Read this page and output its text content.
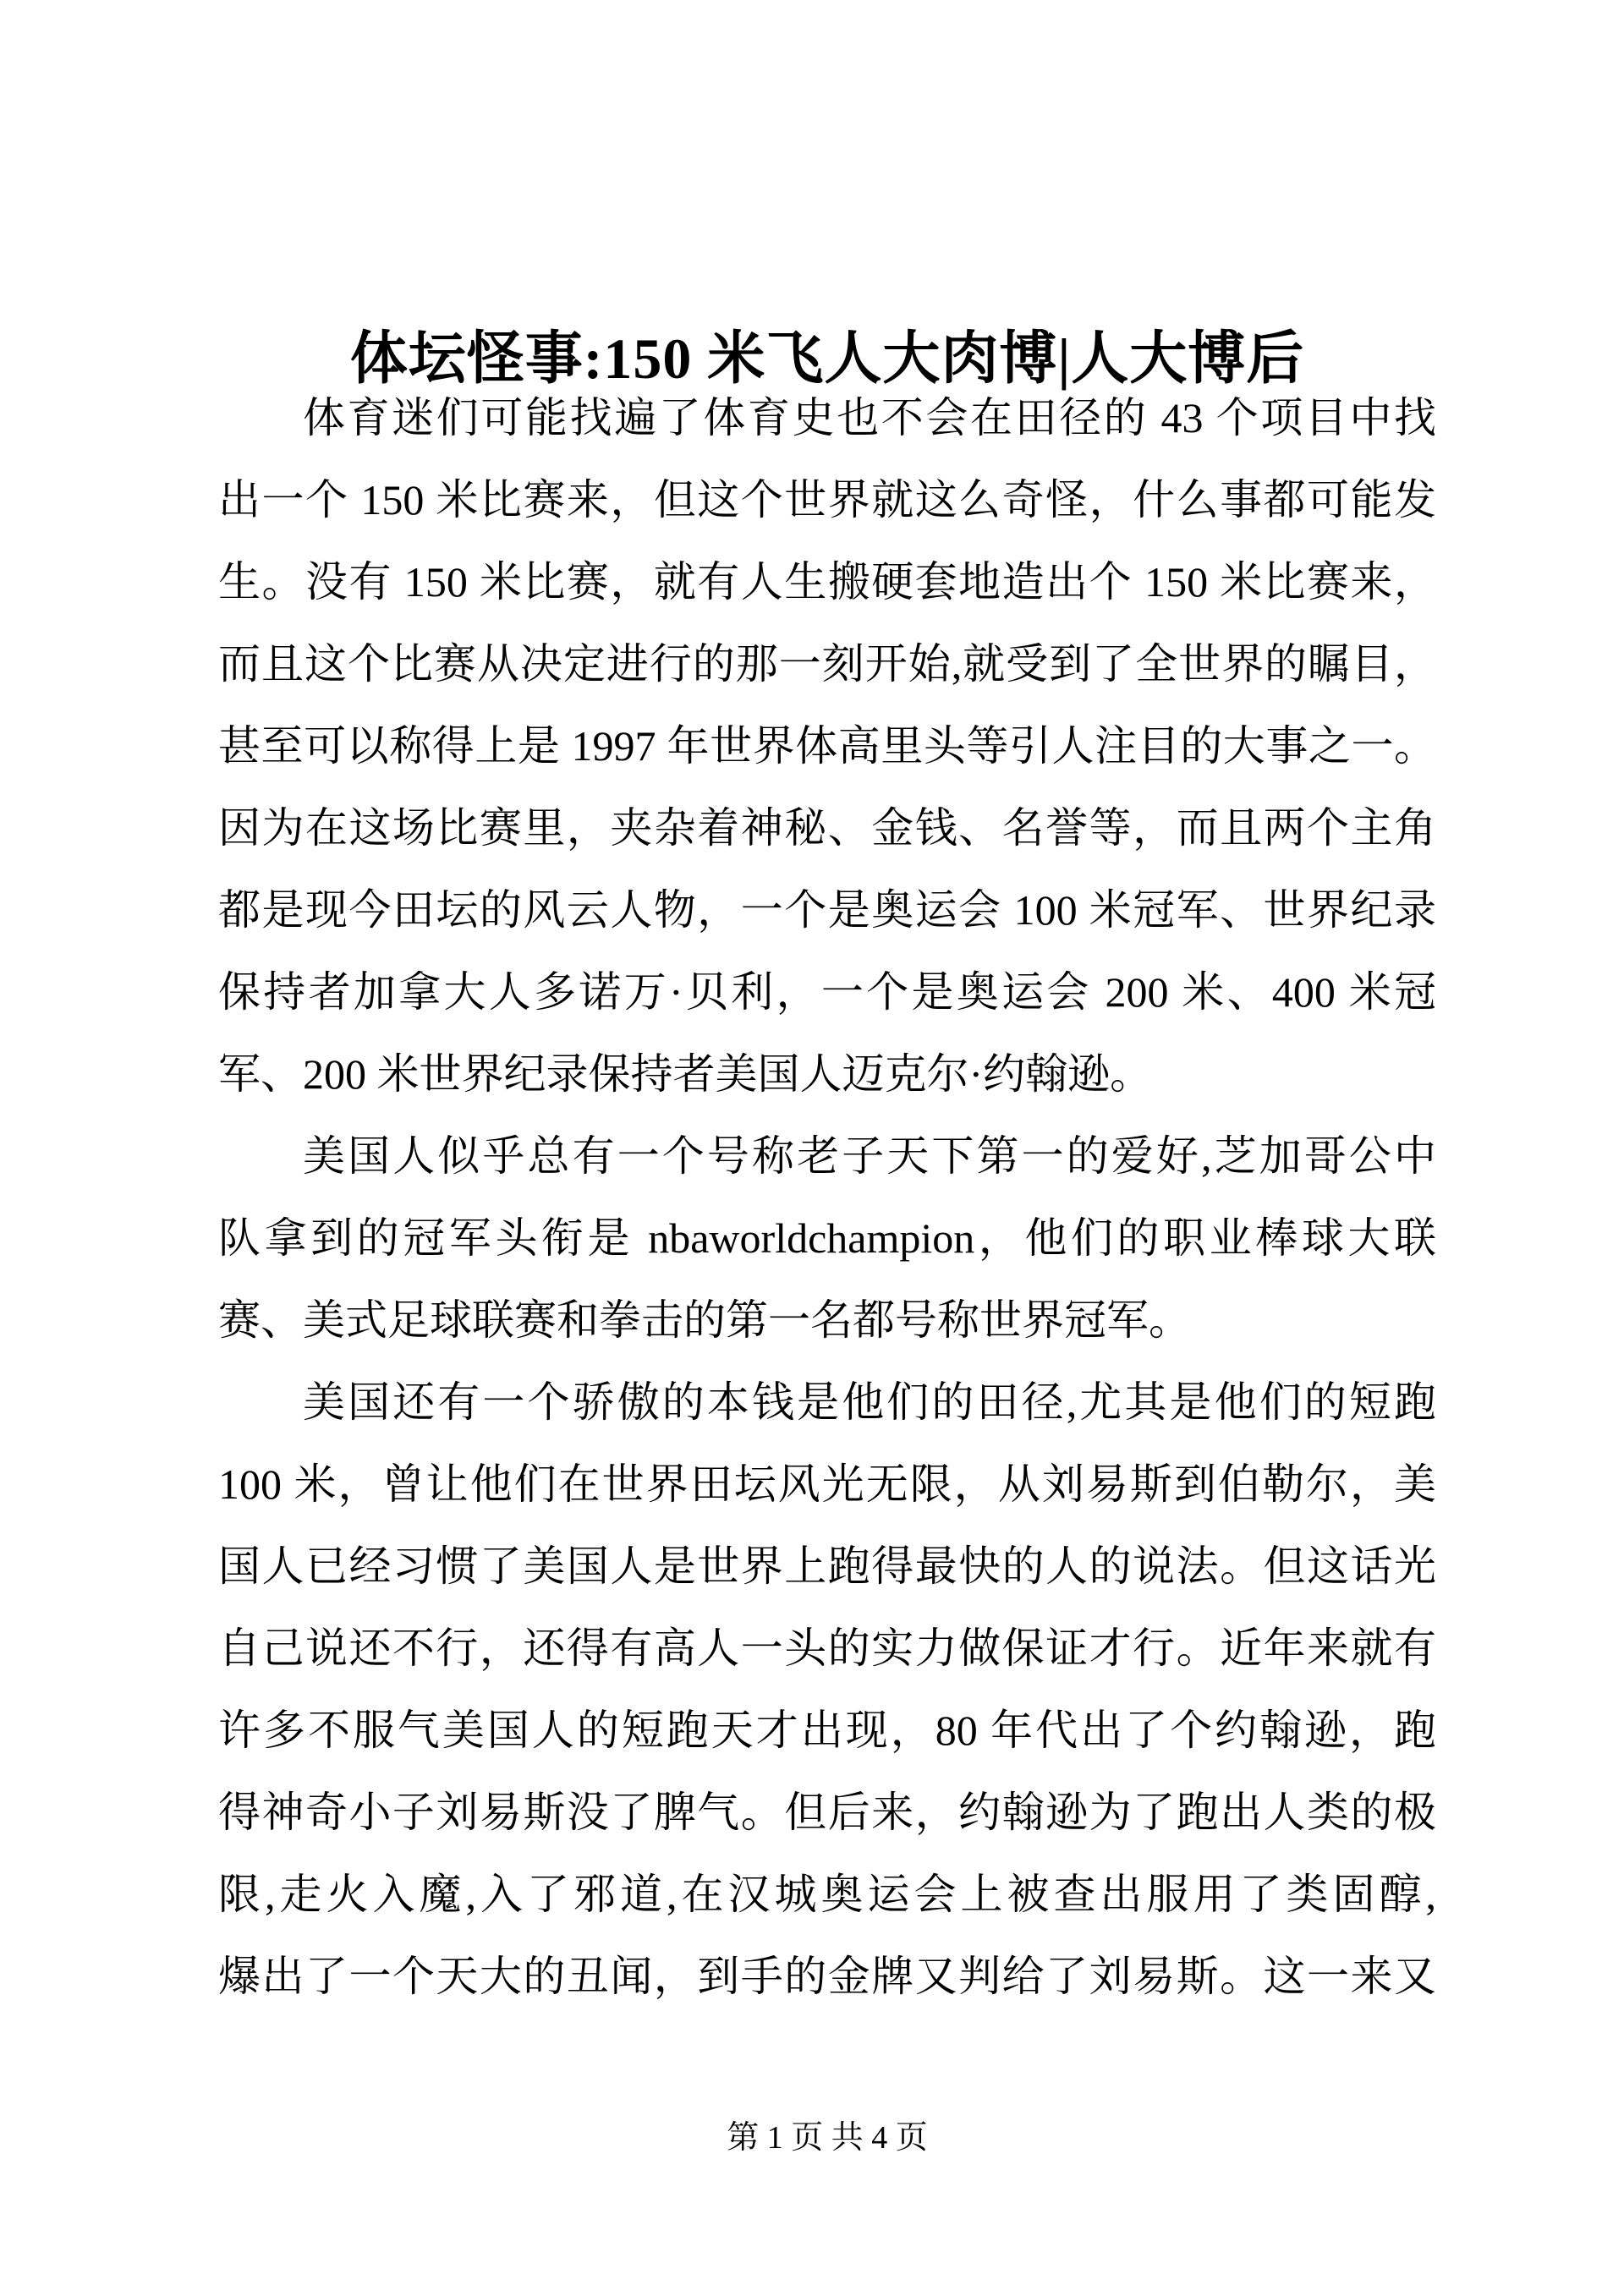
体坛怪事:150 米飞人大肉博|人大博后
体育迷们可能找遍了体育史也不会在田径的 43 个项目中找
出一个 150 米比赛来，但这个世界就这么奇怪，什么事都可能发
生。没有 150 米比赛，就有人生搬硬套地造出个 150 米比赛来，
而且这个比赛从决定进行的那一刻开始,就受到了全世界的瞩目，
甚至可以称得上是 1997 年世界体高里头等引人注目的大事之一。
因为在这场比赛里，夹杂着神秘、金钱、名誉等，而且两个主角
都是现今田坛的风云人物，一个是奥运会 100 米冠军、世界纪录
保持者加拿大人多诺万·贝利，一个是奥运会 200 米、400 米冠
军、200 米世界纪录保持者美国人迈克尔·约翰逊。
美国人似乎总有一个号称老子天下第一的爱好,芝加哥公中
队拿到的冠军头衔是 nbaworldchampion，他们的职业棒球大联
赛、美式足球联赛和拳击的第一名都号称世界冠军。
美国还有一个骄傲的本钱是他们的田径,尤其是他们的短跑
100 米，曾让他们在世界田坛风光无限，从刘易斯到伯勒尔，美
国人已经习惯了美国人是世界上跑得最快的人的说法。但这话光
自己说还不行，还得有高人一头的实力做保证才行。近年来就有
许多不服气美国人的短跑天才出现，80 年代出了个约翰逊，跑
得神奇小子刘易斯没了脾气。但后来，约翰逊为了跑出人类的极
限,走火入魔,入了邪道,在汉城奥运会上被查出服用了类固醇,
爆出了一个天大的丑闻，到手的金牌又判给了刘易斯。这一来又
第 1 页 共 4 页
